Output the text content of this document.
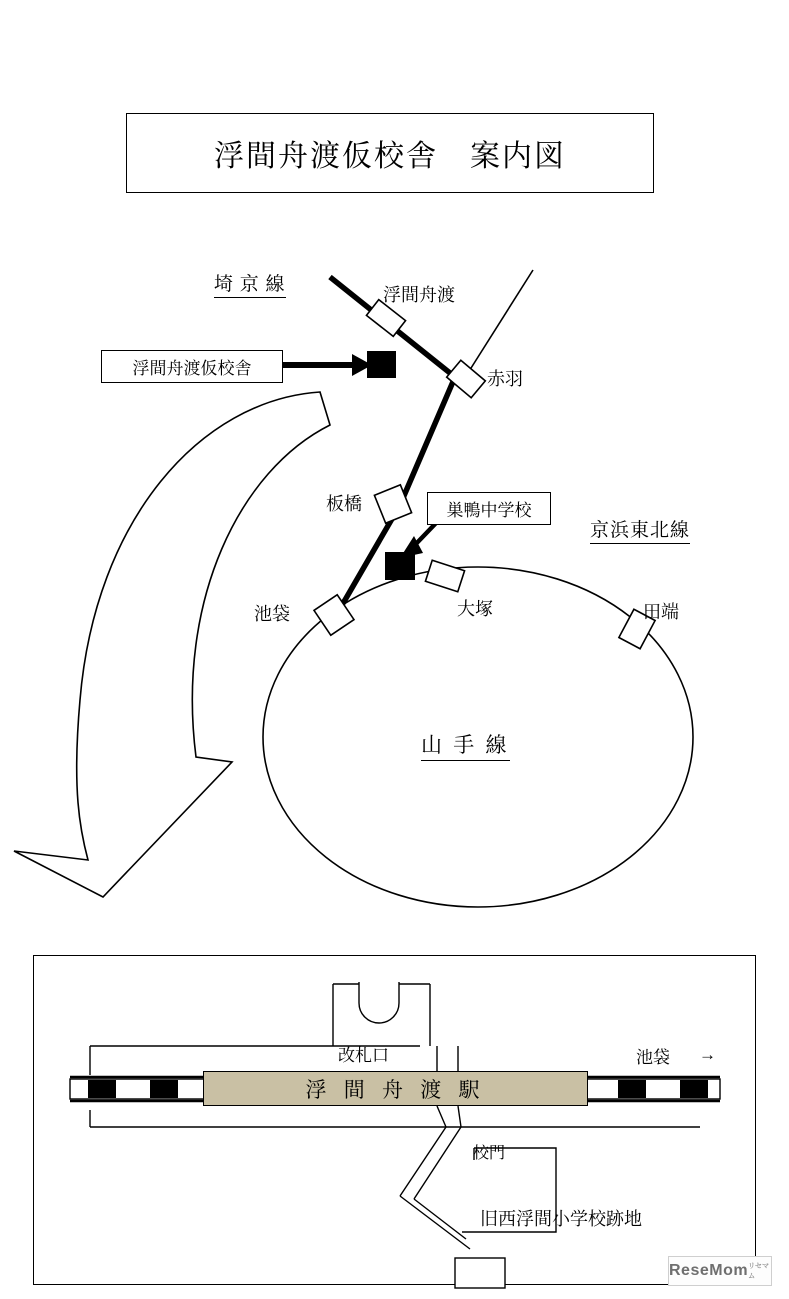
浮間舟渡仮校舎　案内図
埼 京 線	浮間舟渡
赤羽
浮間舟渡仮校舎
板橋	巣鴨中学校
京浜東北線
池袋	大塚	田端
山 手 線
浮 間 舟 渡 駅
改札口	池袋 →
校門
旧西浮間小学校跡地
ReseMom リセマム
